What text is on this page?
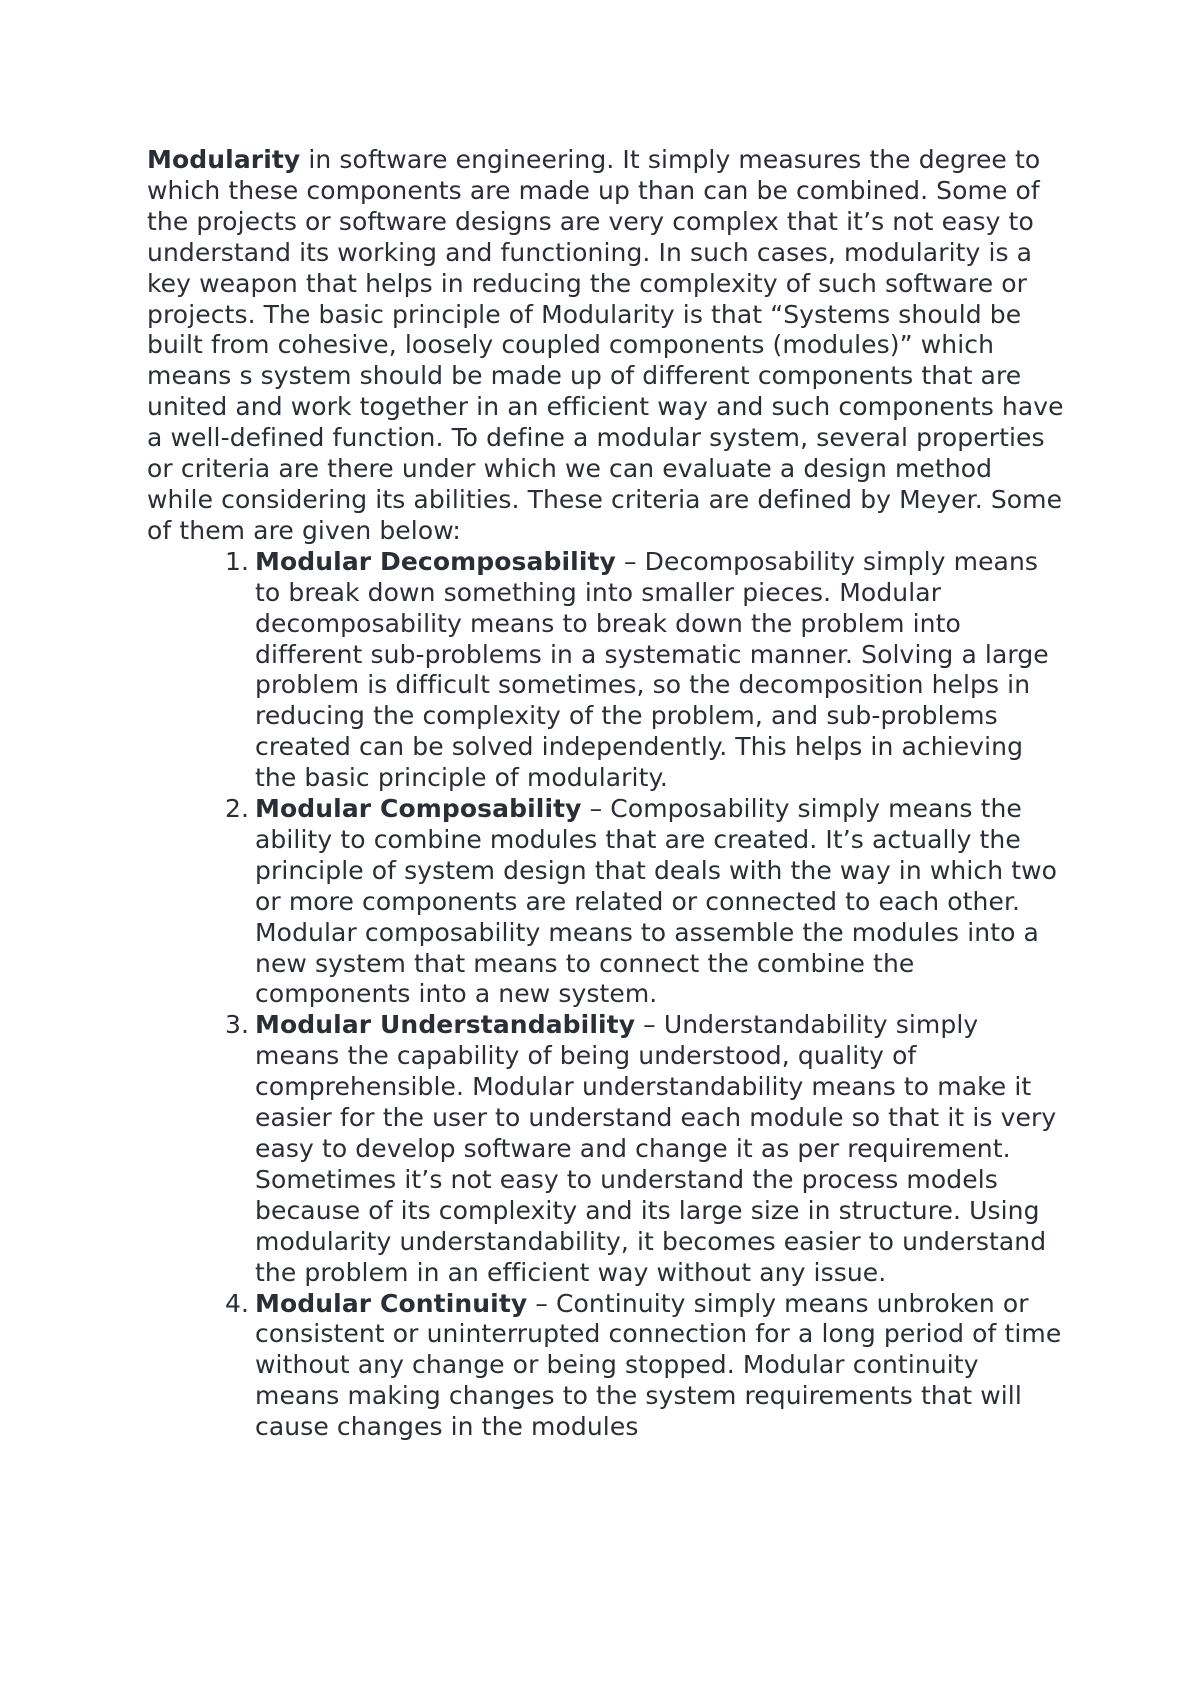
Modularity in software engineering. It simply measures the degree to which these components are made up than can be combined. Some of the projects or software designs are very complex that it’s not easy to understand its working and functioning. In such cases, modularity is a key weapon that helps in reducing the complexity of such software or projects. The basic principle of Modularity is that “Systems should be built from cohesive, loosely coupled components (modules)” which means s system should be made up of different components that are united and work together in an efficient way and such components have a well-defined function. To define a modular system, several properties or criteria are there under which we can evaluate a design method while considering its abilities. These criteria are defined by Meyer. Some of them are given below:

1. Modular Decomposability – Decomposability simply means to break down something into smaller pieces. Modular decomposability means to break down the problem into different sub-problems in a systematic manner. Solving a large problem is difficult sometimes, so the decomposition helps in reducing the complexity of the problem, and sub-problems created can be solved independently. This helps in achieving the basic principle of modularity.
2. Modular Composability – Composability simply means the ability to combine modules that are created. It’s actually the principle of system design that deals with the way in which two or more components are related or connected to each other. Modular composability means to assemble the modules into a new system that means to connect the combine the components into a new system.
3. Modular Understandability – Understandability simply means the capability of being understood, quality of comprehensible. Modular understandability means to make it easier for the user to understand each module so that it is very easy to develop software and change it as per requirement. Sometimes it’s not easy to understand the process models because of its complexity and its large size in structure. Using modularity understandability, it becomes easier to understand the problem in an efficient way without any issue.
4. Modular Continuity – Continuity simply means unbroken or consistent or uninterrupted connection for a long period of time without any change or being stopped. Modular continuity means making changes to the system requirements that will cause changes in the modules
